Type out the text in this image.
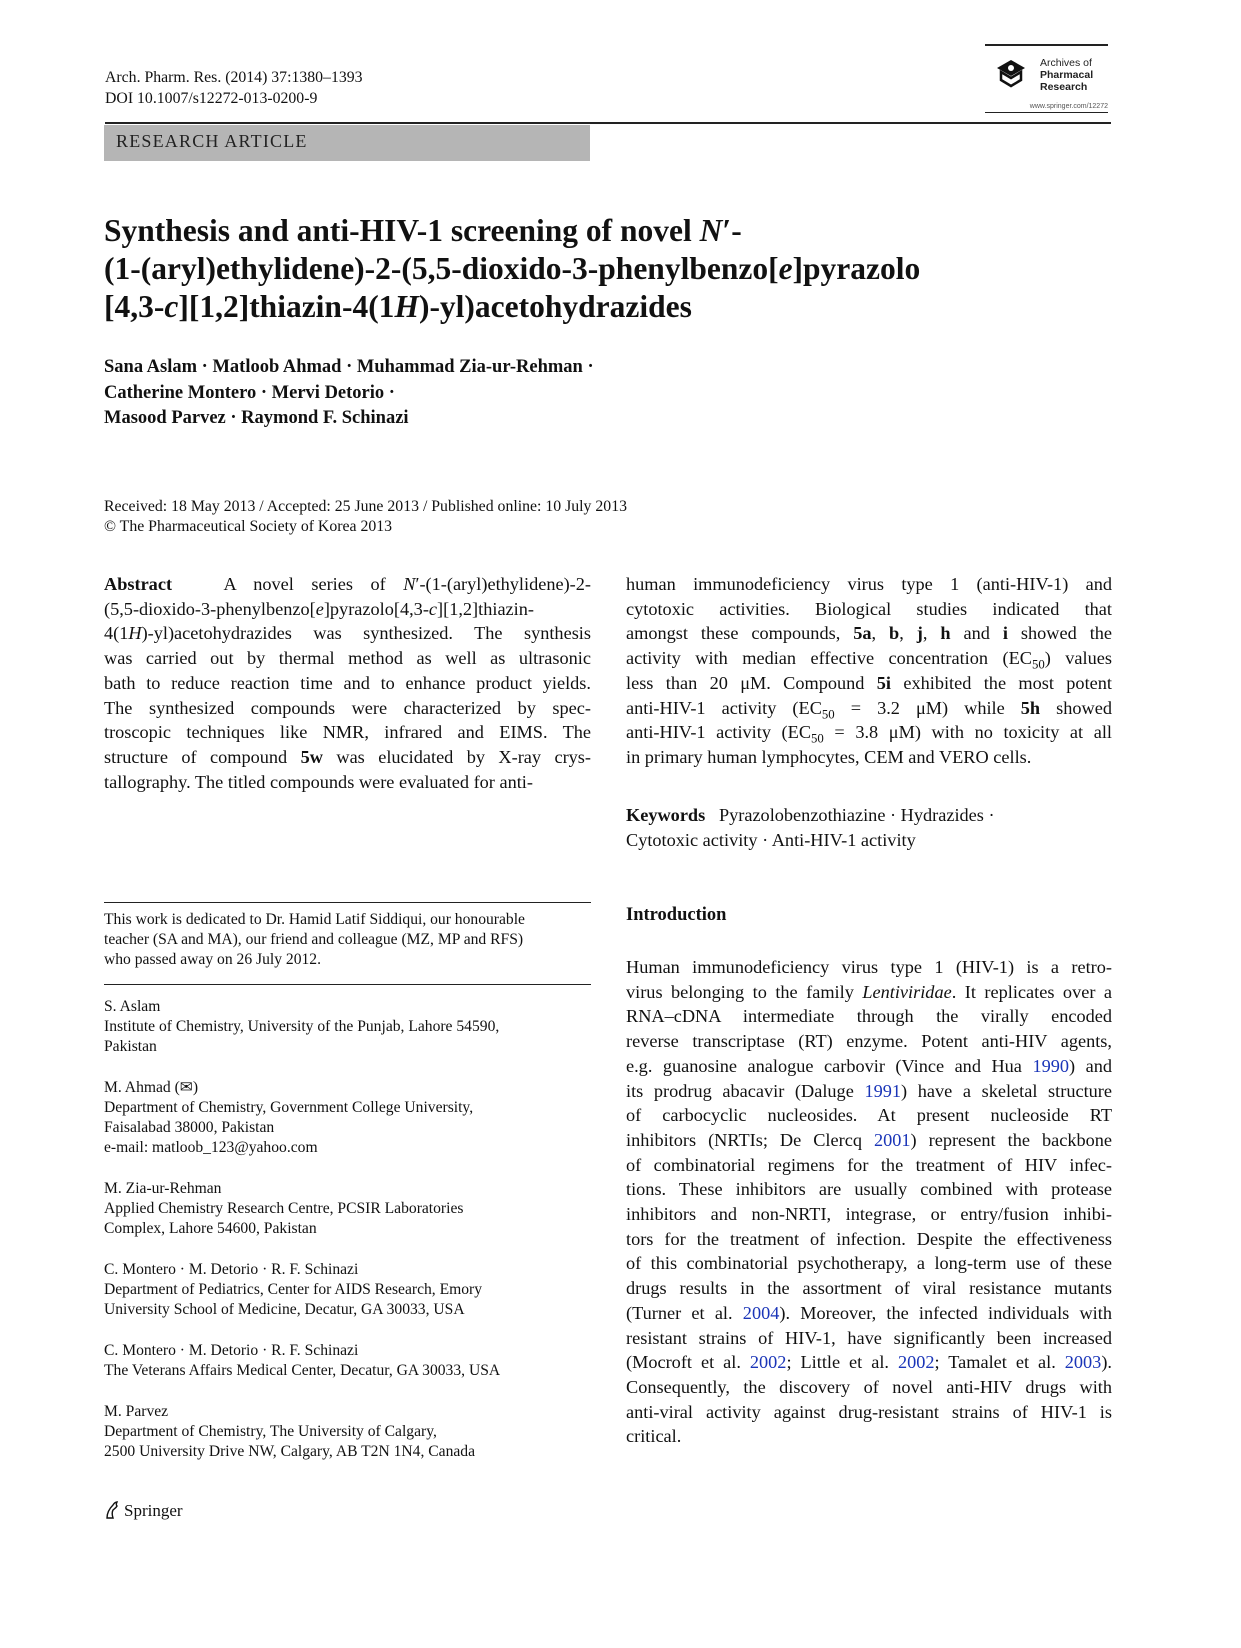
Arch. Pharm. Res. (2014) 37:1380–1393
DOI 10.1007/s12272-013-0200-9
Archives of
Pharmacal
Research
www.springer.com/12272
RESEARCH ARTICLE
Synthesis and anti-HIV-1 screening of novel N′-
(1-(aryl)ethylidene)-2-(5,5-dioxido-3-phenylbenzo[e]pyrazolo
[4,3-c][1,2]thiazin-4(1H)-yl)acetohydrazides
Sana Aslam · Matloob Ahmad · Muhammad Zia-ur-Rehman ·
Catherine Montero · Mervi Detorio ·
Masood Parvez · Raymond F. Schinazi
Received: 18 May 2013 / Accepted: 25 June 2013 / Published online: 10 July 2013
© The Pharmaceutical Society of Korea 2013
Abstract   A novel series of N′-(1-(aryl)ethylidene)-2-
(5,5-dioxido-3-phenylbenzo[e]pyrazolo[4,3-c][1,2]thiazin-
4(1H)-yl)acetohydrazides was synthesized. The synthesis
was carried out by thermal method as well as ultrasonic
bath to reduce reaction time and to enhance product yields.
The synthesized compounds were characterized by spec-
troscopic techniques like NMR, infrared and EIMS. The
structure of compound 5w was elucidated by X-ray crys-
tallography. The titled compounds were evaluated for anti-
human immunodeficiency virus type 1 (anti-HIV-1) and
cytotoxic activities. Biological studies indicated that
amongst these compounds, 5a, b, j, h and i showed the
activity with median effective concentration $(EC_{50})$ values
less than 20 μM. Compound 5i exhibited the most potent
anti-HIV-1 activity ($EC_{50} = 3.2$ μM) while 5h showed
anti-HIV-1 activity ($EC_{50} = 3.8$ μM) with no toxicity at all
in primary human lymphocytes, CEM and VERO cells.
Keywords Pyrazolobenzothiazine · Hydrazides ·
Cytotoxic activity · Anti-HIV-1 activity
This work is dedicated to Dr. Hamid Latif Siddiqui, our honourable
teacher (SA and MA), our friend and colleague (MZ, MP and RFS)
who passed away on 26 July 2012.
S. Aslam
Institute of Chemistry, University of the Punjab, Lahore 54590,
Pakistan
M. Ahmad (✉)
Department of Chemistry, Government College University,
Faisalabad 38000, Pakistan
e-mail: matloob_123@yahoo.com
M. Zia-ur-Rehman
Applied Chemistry Research Centre, PCSIR Laboratories
Complex, Lahore 54600, Pakistan
C. Montero · M. Detorio · R. F. Schinazi
Department of Pediatrics, Center for AIDS Research, Emory
University School of Medicine, Decatur, GA 30033, USA
C. Montero · M. Detorio · R. F. Schinazi
The Veterans Affairs Medical Center, Decatur, GA 30033, USA
M. Parvez
Department of Chemistry, The University of Calgary,
2500 University Drive NW, Calgary, AB T2N 1N4, Canada
Introduction
Human immunodeficiency virus type 1 (HIV-1) is a retro-
virus belonging to the family Lentiviridae. It replicates over a
RNA–cDNA intermediate through the virally encoded
reverse transcriptase (RT) enzyme. Potent anti-HIV agents,
e.g. guanosine analogue carbovir (Vince and Hua 1990) and
its prodrug abacavir (Daluge 1991) have a skeletal structure
of carbocyclic nucleosides. At present nucleoside RT
inhibitors (NRTIs; De Clercq 2001) represent the backbone
of combinatorial regimens for the treatment of HIV infec-
tions. These inhibitors are usually combined with protease
inhibitors and non-NRTI, integrase, or entry/fusion inhibi-
tors for the treatment of infection. Despite the effectiveness
of this combinatorial psychotherapy, a long-term use of these
drugs results in the assortment of viral resistance mutants
(Turner et al. 2004). Moreover, the infected individuals with
resistant strains of HIV-1, have significantly been increased
(Mocroft et al. 2002; Little et al. 2002; Tamalet et al. 2003).
Consequently, the discovery of novel anti-HIV drugs with
anti-viral activity against drug-resistant strains of HIV-1 is
critical.
Springer
